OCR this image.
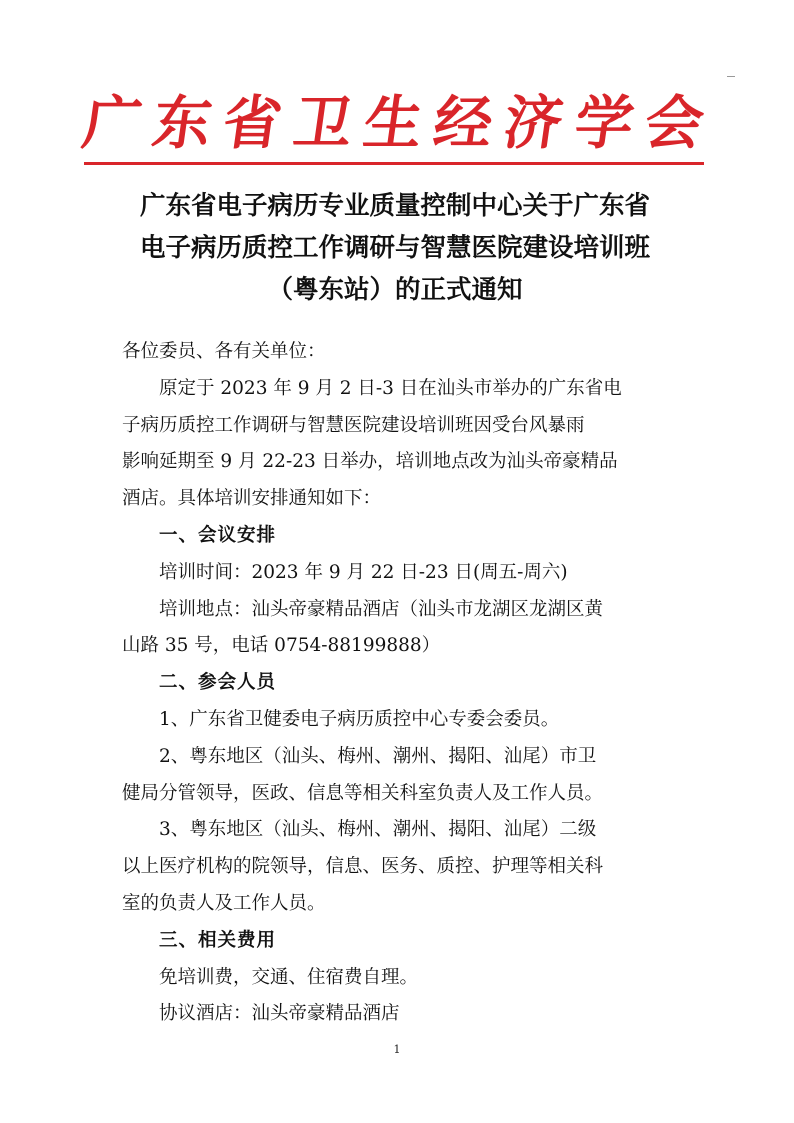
广 东 省 卫 生 经 济 学 会
广东省电子病历专业质量控制中心关于广东省
电子病历质控工作调研与智慧医院建设培训班
（粤东站）的正式通知

各位委员、各有关单位：

原定于 2023 年 9 月 2 日-3 日在汕头市举办的广东省电

子病历质控工作调研与智慧医院建设培训班因受台风暴雨

影响延期至 9 月 22-23 日举办，培训地点改为汕头帝豪精品

酒店。具体培训安排通知如下：

一、会议安排

培训时间：2023 年 9 月 22 日-23 日(周五-周六)

培训地点：汕头帝豪精品酒店（汕头市龙湖区龙湖区黄

山路 35 号，电话 0754-88199888）

二、参会人员

1、广东省卫健委电子病历质控中心专委会委员。

2、粤东地区（汕头、梅州、潮州、揭阳、汕尾）市卫

健局分管领导，医政、信息等相关科室负责人及工作人员。

3、粤东地区（汕头、梅州、潮州、揭阳、汕尾）二级

以上医疗机构的院领导，信息、医务、质控、护理等相关科

室的负责人及工作人员。

三、相关费用

免培训费，交通、住宿费自理。

协议酒店：汕头帝豪精品酒店

1
